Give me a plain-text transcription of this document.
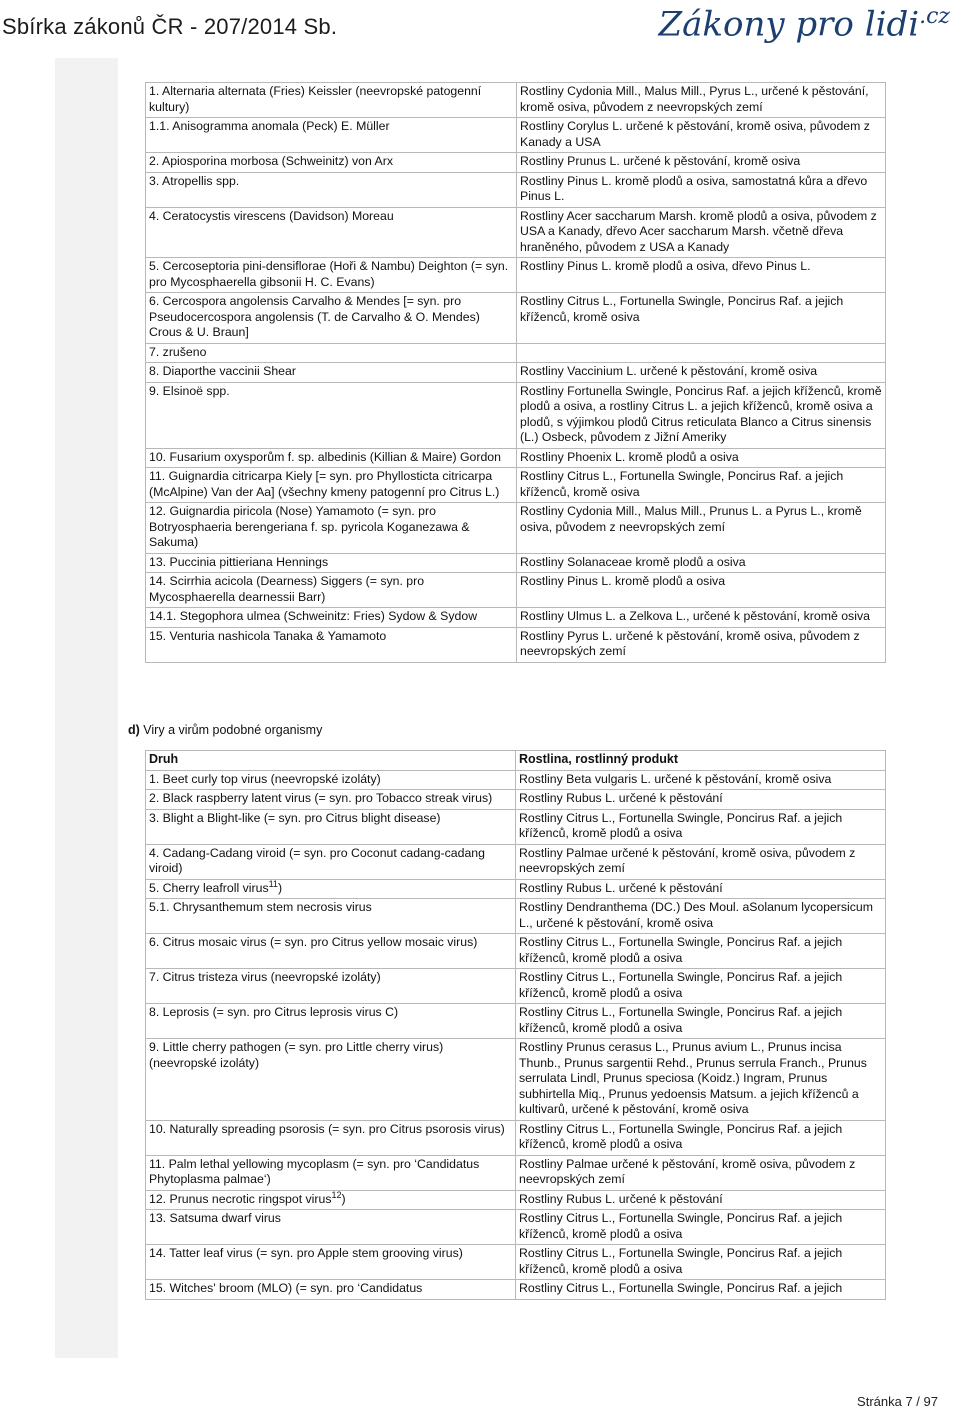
Sbírka zákonů ČR - 207/2014 Sb.	Zákony pro lidi$^{.cz}$
1. Alternaria alternata (Fries) Keissler (neevropské patogenní kultury)	Rostliny Cydonia Mill., Malus Mill., Pyrus L., určené k pěstování, kromě osiva, původem z neevropských zemí
1.1. Anisogramma anomala (Peck) E. Müller	Rostliny Corylus L. určené k pěstování, kromě osiva, původem z Kanady a USA
2. Apiosporina morbosa (Schweinitz) von Arx	Rostliny Prunus L. určené k pěstování, kromě osiva
3. Atropellis spp.	Rostliny Pinus L. kromě plodů a osiva, samostatná kůra a dřevo Pinus L.
4. Ceratocystis virescens (Davidson) Moreau	Rostliny Acer saccharum Marsh. kromě plodů a osiva, původem z USA a Kanady, dřevo Acer saccharum Marsh. včetně dřeva hraněného, původem z USA a Kanady
5. Cercoseptoria pini-densiflorae (Hoři & Nambu) Deighton (= syn. pro Mycosphaerella gibsonii H. C. Evans)	Rostliny Pinus L. kromě plodů a osiva, dřevo Pinus L.
6. Cercospora angolensis Carvalho & Mendes [= syn. pro Pseudocercospora angolensis (T. de Carvalho & O. Mendes) Crous & U. Braun]	Rostliny Citrus L., Fortunella Swingle, Poncirus Raf. a jejich kříženců, kromě osiva
7. zrušeno	
8. Diaporthe vaccinii Shear	Rostliny Vaccinium L. určené k pěstování, kromě osiva
9. Elsinoë spp.	Rostliny Fortunella Swingle, Poncirus Raf. a jejich kříženců, kromě plodů a osiva, a rostliny Citrus L. a jejich kříženců, kromě osiva a plodů, s výjimkou plodů Citrus reticulata Blanco a Citrus sinensis (L.) Osbeck, původem z Jižní Ameriky
10. Fusarium oxysporům f. sp. albedinis (Killian & Maire) Gordon	Rostliny Phoenix L. kromě plodů a osiva
11. Guignardia citricarpa Kiely [= syn. pro Phyllosticta citricarpa (McAlpine) Van der Aa] (všechny kmeny patogenní pro Citrus L.)	Rostliny Citrus L., Fortunella Swingle, Poncirus Raf. a jejich kříženců, kromě osiva
12. Guignardia piricola (Nose) Yamamoto (= syn. pro Botryosphaeria berengeriana f. sp. pyricola Koganezawa & Sakuma)	Rostliny Cydonia Mill., Malus Mill., Prunus L. a Pyrus L., kromě osiva, původem z neevropských zemí
13. Puccinia pittieriana Hennings	Rostliny Solanaceae kromě plodů a osiva
14. Scirrhia acicola (Dearness) Siggers (= syn. pro Mycosphaerella dearnessii Barr)	Rostliny Pinus L. kromě plodů a osiva
14.1. Stegophora ulmea (Schweinitz: Fries) Sydow & Sydow	Rostliny Ulmus L. a Zelkova L., určené k pěstování, kromě osiva
15. Venturia nashicola Tanaka & Yamamoto	Rostliny Pyrus L. určené k pěstování, kromě osiva, původem z neevropských zemí
d) Viry a virům podobné organismy
Druh	Rostlina, rostlinný produkt
1. Beet curly top virus (neevropské izoláty)	Rostliny Beta vulgaris L. určené k pěstování, kromě osiva
2. Black raspberry latent virus (= syn. pro Tobacco streak virus)	Rostliny Rubus L. určené k pěstování
3. Blight a Blight-like (= syn. pro Citrus blight disease)	Rostliny Citrus L., Fortunella Swingle, Poncirus Raf. a jejich kříženců, kromě plodů a osiva
4. Cadang-Cadang viroid (= syn. pro Coconut cadang-cadang viroid)	Rostliny Palmae určené k pěstování, kromě osiva, původem z neevropských zemí
5. Cherry leafroll virus$^{11}$)	Rostliny Rubus L. určené k pěstování
5.1. Chrysanthemum stem necrosis virus	Rostliny Dendranthema (DC.) Des Moul. aSolanum lycopersicum L., určené k pěstování, kromě osiva
6. Citrus mosaic virus (= syn. pro Citrus yellow mosaic virus)	Rostliny Citrus L., Fortunella Swingle, Poncirus Raf. a jejich kříženců, kromě plodů a osiva
7. Citrus tristeza virus (neevropské izoláty)	Rostliny Citrus L., Fortunella Swingle, Poncirus Raf. a jejich kříženců, kromě plodů a osiva
8. Leprosis (= syn. pro Citrus leprosis virus C)	Rostliny Citrus L., Fortunella Swingle, Poncirus Raf. a jejich kříženců, kromě plodů a osiva
9. Little cherry pathogen (= syn. pro Little cherry virus) (neevropské izoláty)	Rostliny Prunus cerasus L., Prunus avium L., Prunus incisa Thunb., Prunus sargentii Rehd., Prunus serrula Franch., Prunus serrulata Lindl, Prunus speciosa (Koidz.) Ingram, Prunus subhirtella Miq., Prunus yedoensis Matsum. a jejich kříženců a kultivarů, určené k pěstování, kromě osiva
10. Naturally spreading psorosis (= syn. pro Citrus psorosis virus)	Rostliny Citrus L., Fortunella Swingle, Poncirus Raf. a jejich kříženců, kromě plodů a osiva
11. Palm lethal yellowing mycoplasm (= syn. pro ‘Candidatus Phytoplasma palmae‘)	Rostliny Palmae určené k pěstování, kromě osiva, původem z neevropských zemí
12. Prunus necrotic ringspot virus$^{12}$)	Rostliny Rubus L. určené k pěstování
13. Satsuma dwarf virus	Rostliny Citrus L., Fortunella Swingle, Poncirus Raf. a jejich kříženců, kromě plodů a osiva
14. Tatter leaf virus (= syn. pro Apple stem grooving virus)	Rostliny Citrus L., Fortunella Swingle, Poncirus Raf. a jejich kříženců, kromě plodů a osiva
15. Witches' broom (MLO) (= syn. pro ‘Candidatus	Rostliny Citrus L., Fortunella Swingle, Poncirus Raf. a jejich
Stránka 7 / 97
